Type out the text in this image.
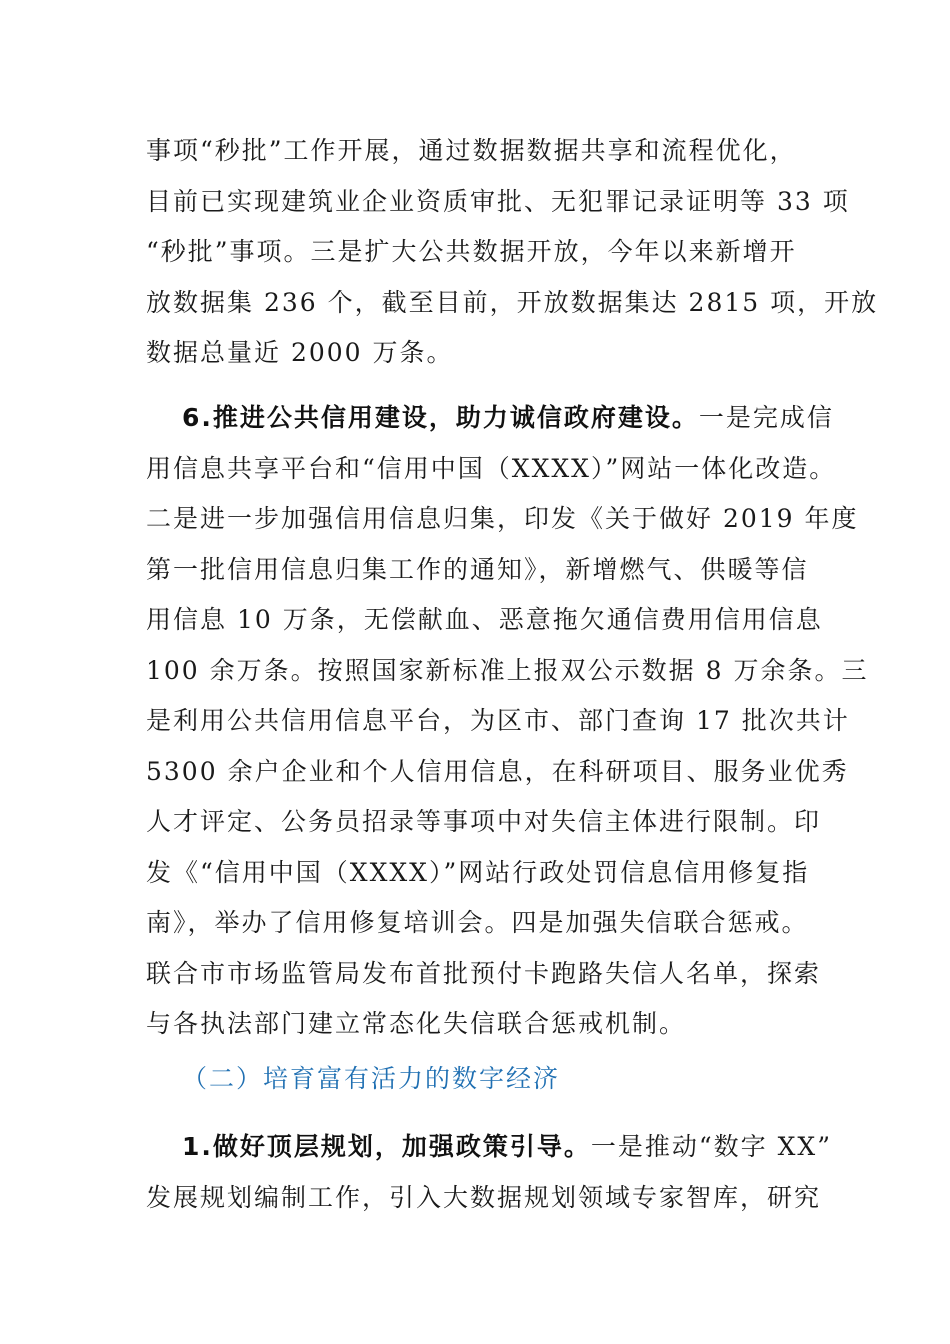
事项“秒批”工作开展，通过数据数据共享和流程优化，
目前已实现建筑业企业资质审批、无犯罪记录证明等 33 项
“秒批”事项。三是扩大公共数据开放，今年以来新增开
放数据集 236 个，截至目前，开放数据集达 2815 项，开放
数据总量近 2000 万条。
6.推进公共信用建设，助力诚信政府建设。一是完成信
用信息共享平台和“信用中国（XXXX）”网站一体化改造。
二是进一步加强信用信息归集，印发《关于做好 2019 年度
第一批信用信息归集工作的通知》，新增燃气、供暖等信
用信息 10 万条，无偿献血、恶意拖欠通信费用信用信息
100 余万条。按照国家新标准上报双公示数据 8 万余条。三
是利用公共信用信息平台，为区市、部门查询 17 批次共计
5300 余户企业和个人信用信息，在科研项目、服务业优秀
人才评定、公务员招录等事项中对失信主体进行限制。印
发《“信用中国（XXXX）”网站行政处罚信息信用修复指
南》，举办了信用修复培训会。四是加强失信联合惩戒。
联合市市场监管局发布首批预付卡跑路失信人名单，探索
与各执法部门建立常态化失信联合惩戒机制。
（二）培育富有活力的数字经济
1.做好顶层规划，加强政策引导。一是推动“数字 XX”
发展规划编制工作，引入大数据规划领域专家智库，研究
